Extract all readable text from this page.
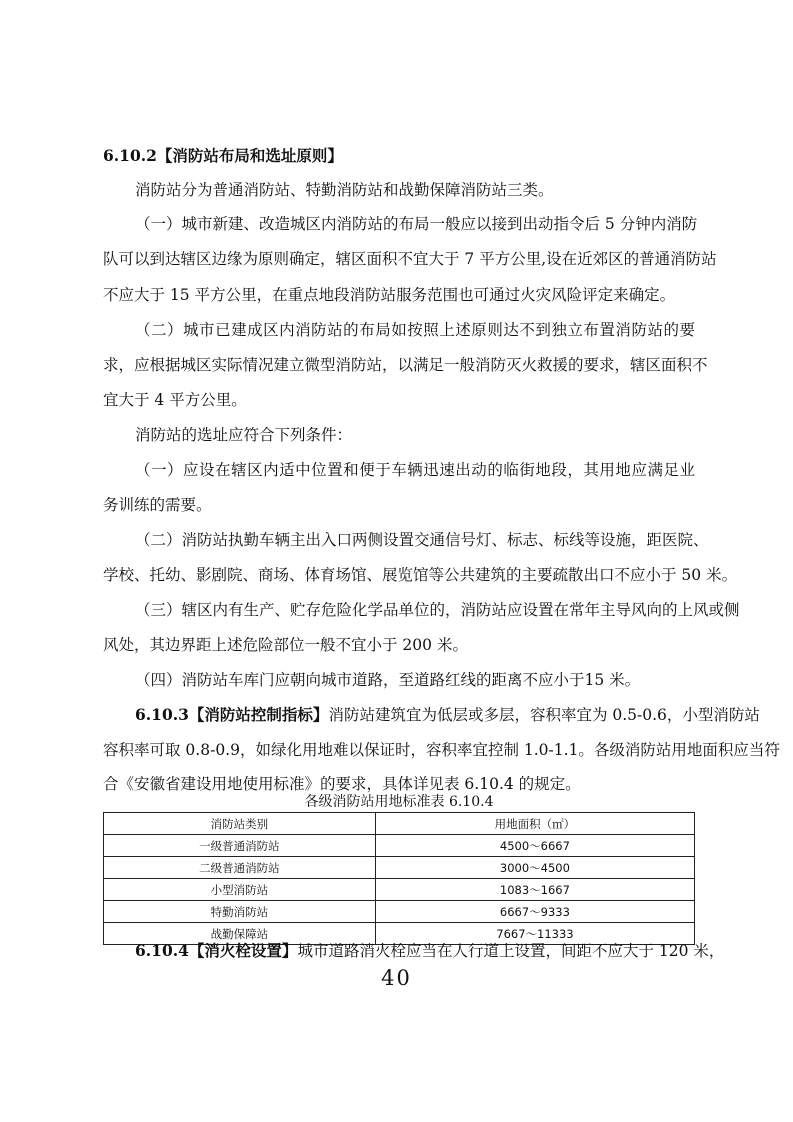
6.10.2【消防站布局和选址原则】
消防站分为普通消防站、特勤消防站和战勤保障消防站三类。
（一）城市新建、改造城区内消防站的布局一般应以接到出动指令后 5 分钟内消防
队可以到达辖区边缘为原则确定，辖区面积不宜大于 7 平方公里,设在近郊区的普通消防站
不应大于 15 平方公里，在重点地段消防站服务范围也可通过火灾风险评定来确定。
（二）城市已建成区内消防站的布局如按照上述原则达不到独立布置消防站的要
求，应根据城区实际情况建立微型消防站，以满足一般消防灭火救援的要求，辖区面积不
宜大于 4 平方公里。
消防站的选址应符合下列条件：
（一）应设在辖区内适中位置和便于车辆迅速出动的临街地段，其用地应满足业
务训练的需要。
（二）消防站执勤车辆主出入口两侧设置交通信号灯、标志、标线等设施，距医院、
学校、托幼、影剧院、商场、体育场馆、展览馆等公共建筑的主要疏散出口不应小于 50 米。
（三）辖区内有生产、贮存危险化学品单位的，消防站应设置在常年主导风向的上风或侧
风处，其边界距上述危险部位一般不宜小于 200 米。
（四）消防站车库门应朝向城市道路，至道路红线的距离不应小于15 米。
6.10.3【消防站控制指标】消防站建筑宜为低层或多层，容积率宜为 0.5-0.6，小型消防站
容积率可取 0.8-0.9，如绿化用地难以保证时，容积率宜控制 1.0-1.1。各级消防站用地面积应当符
合《安徽省建设用地使用标准》的要求，具体详见表 6.10.4 的规定。
各级消防站用地标准表 6.10.4
消防站类别	用地面积（㎡）
一级普通消防站	4500～6667
二级普通消防站	3000～4500
小型消防站	1083～1667
特勤消防站	6667～9333
战勤保障站	7667～11333
6.10.4【消火栓设置】城市道路消火栓应当在人行道上设置，间距不应大于 120 米，
40
